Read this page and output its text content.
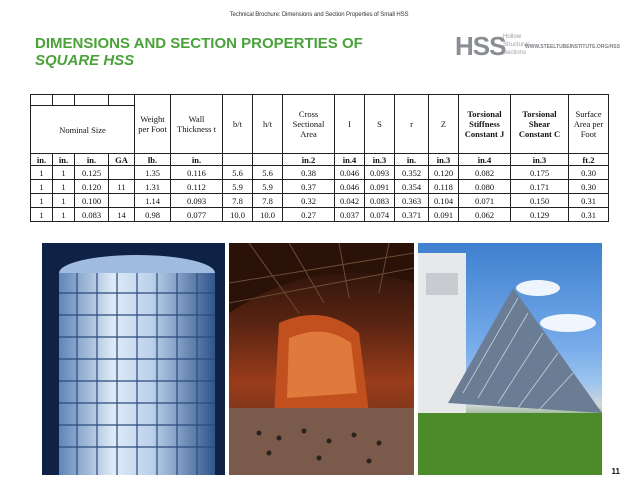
Technical Brochure: Dimensions and Section Properties of Small HSS
DIMENSIONS AND SECTION PROPERTIES OF
SQUARE HSS	HSS
Hollow
Structural
Sections
WWW.STEELTUBEINSTITUTE.ORG/HSS
				Weight per Foot	Wall Thickness t	b/t	h/t	Cross Sectional Area	I	S	r	Z	Torsional Stiffness Constant J	Torsional Shear Constant C	Surface Area per Foot
Nominal Size															
in.	in.	in.	GA	lb.	in.			in.2	in.4	in.3	in.	in.3	in.4	in.3	ft.2
1	1	0.125		1.35	0.116	5.6	5.6	0.38	0.046	0.093	0.352	0.120	0.082	0.175	0.30
1	1	0.120	11	1.31	0.112	5.9	5.9	0.37	0.046	0.091	0.354	0.118	0.080	0.171	0.30
1	1	0.100		1.14	0.093	7.8	7.8	0.32	0.042	0.083	0.363	0.104	0.071	0.150	0.31
1	1	0.083	14	0.98	0.077	10.0	10.0	0.27	0.037	0.074	0.371	0.091	0.062	0.129	0.31
11
